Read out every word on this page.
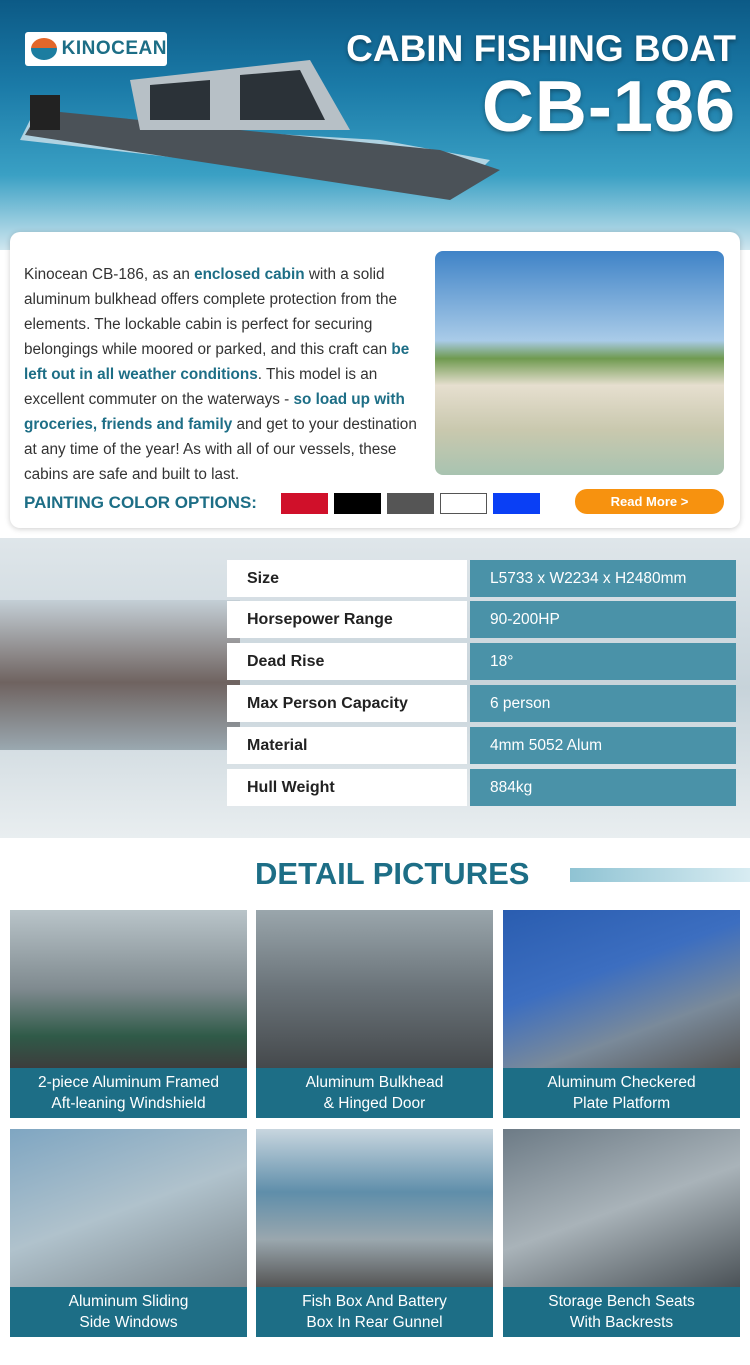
KINOCEAN	CABIN FISHING BOAT
CB-186
Kinocean CB-186, as an enclosed cabin with a solid aluminum bulkhead offers complete protection from the elements. The lockable cabin is perfect for securing belongings while moored or parked, and this craft can be left out in all weather conditions. This model is an excellent commuter on the waterways - so load up with groceries, friends and family and get to your destination at any time of the year! As with all of our vessels, these cabins are safe and built to last.
PAINTING COLOR OPTIONS:	Read More >
DETAIL PICTURES
Size	L5733 x W2234 x H2480mm
Horsepower Range	90-200HP
Dead Rise	18°
Max Person Capacity	6 person
Material	4mm 5052 Alum
Hull Weight	884kg
2-piece Aluminum Framed
Aft-leaning Windshield
Aluminum Bulkhead
& Hinged Door
Aluminum Checkered
Plate Platform
Aluminum Sliding
Side Windows
Fish Box And Battery
Box In Rear Gunnel
Storage Bench Seats
With Backrests
